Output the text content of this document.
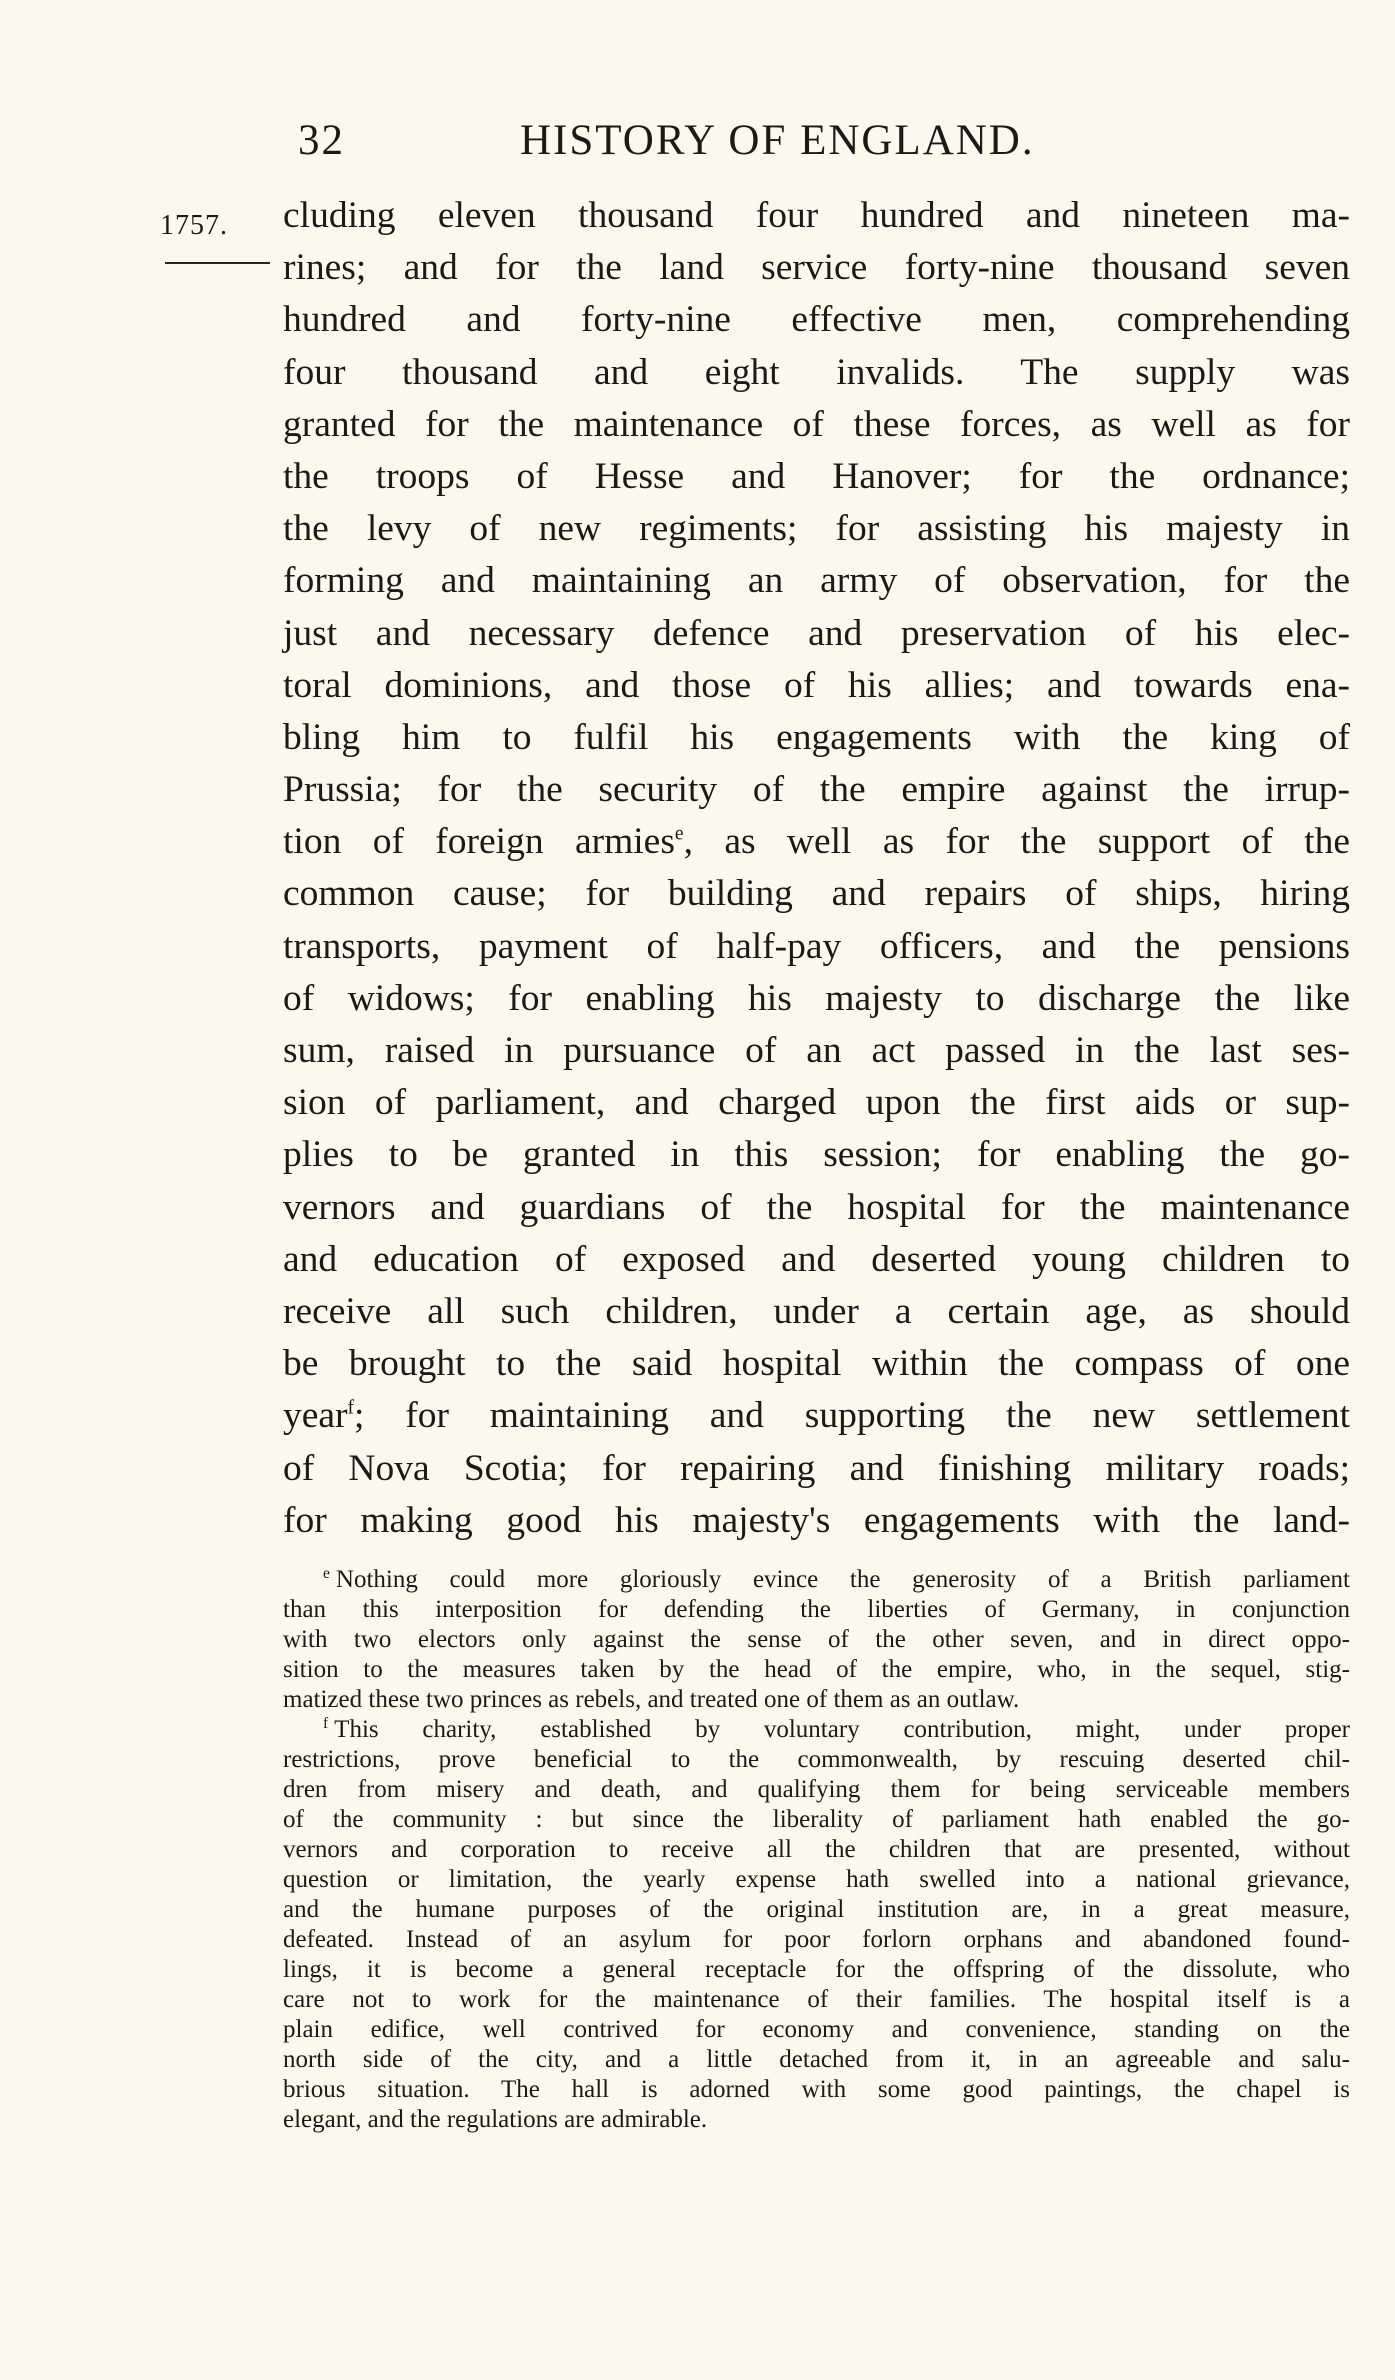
32	HISTORY OF ENGLAND.
1757. cluding eleven thousand four hundred and nineteen ma-
rines; and for the land service forty-nine thousand seven
hundred and forty-nine effective men, comprehending
four thousand and eight invalids. The supply was
granted for the maintenance of these forces, as well as for
the troops of Hesse and Hanover; for the ordnance;
the levy of new regiments; for assisting his majesty in
forming and maintaining an army of observation, for the
just and necessary defence and preservation of his elec-
toral dominions, and those of his allies; and towards ena-
bling him to fulfil his engagements with the king of
Prussia; for the security of the empire against the irrup-
tion of foreign armies$^e$, as well as for the support of the
common cause; for building and repairs of ships, hiring
transports, payment of half-pay officers, and the pensions
of widows; for enabling his majesty to discharge the like
sum, raised in pursuance of an act passed in the last ses-
sion of parliament, and charged upon the first aids or sup-
plies to be granted in this session; for enabling the go-
vernors and guardians of the hospital for the maintenance
and education of exposed and deserted young children to
receive all such children, under a certain age, as should
be brought to the said hospital within the compass of one
year$^f$; for maintaining and supporting the new settlement
of Nova Scotia; for repairing and finishing military roads;
for making good his majesty's engagements with the land-
$^e$ Nothing could more gloriously evince the generosity of a British parliament
than this interposition for defending the liberties of Germany, in conjunction
with two electors only against the sense of the other seven, and in direct oppo-
sition to the measures taken by the head of the empire, who, in the sequel, stig-
matized these two princes as rebels, and treated one of them as an outlaw.
$^f$ This charity, established by voluntary contribution, might, under proper
restrictions, prove beneficial to the commonwealth, by rescuing deserted chil-
dren from misery and death, and qualifying them for being serviceable members
of the community : but since the liberality of parliament hath enabled the go-
vernors and corporation to receive all the children that are presented, without
question or limitation, the yearly expense hath swelled into a national grievance,
and the humane purposes of the original institution are, in a great measure,
defeated. Instead of an asylum for poor forlorn orphans and abandoned found-
lings, it is become a general receptacle for the offspring of the dissolute, who
care not to work for the maintenance of their families. The hospital itself is a
plain edifice, well contrived for economy and convenience, standing on the
north side of the city, and a little detached from it, in an agreeable and salu-
brious situation. The hall is adorned with some good paintings, the chapel is
elegant, and the regulations are admirable.
